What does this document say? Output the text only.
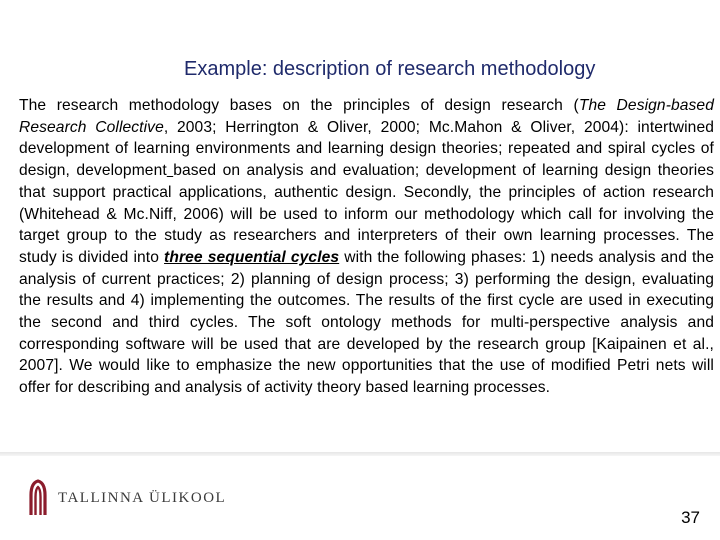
Example: description of research methodology
The research methodology bases on the principles of design research (The Design-based Research Collective, 2003; Herrington & Oliver, 2000; Mc.Mahon & Oliver, 2004): intertwined development of learning environments and learning design theories; repeated and spiral cycles of design, development based on analysis and evaluation; development of learning design theories that support practical applications, authentic design. Secondly, the principles of action research (Whitehead & Mc.Niff, 2006) will be used to inform our methodology which call for involving the target group to the study as researchers and interpreters of their own learning processes. The study is divided into three sequential cycles with the following phases: 1) needs analysis and the analysis of current practices; 2) planning of design process; 3) performing the design, evaluating the results and 4) implementing the outcomes. The results of the first cycle are used in executing the second and third cycles. The soft ontology methods for multi-perspective analysis and corresponding software will be used that are developed by the research group [Kaipainen et al., 2007]. We would like to emphasize the new opportunities that the use of modified Petri nets will offer for describing and analysis of activity theory based learning processes.
TALLINNA ÜLIKOOL
37
